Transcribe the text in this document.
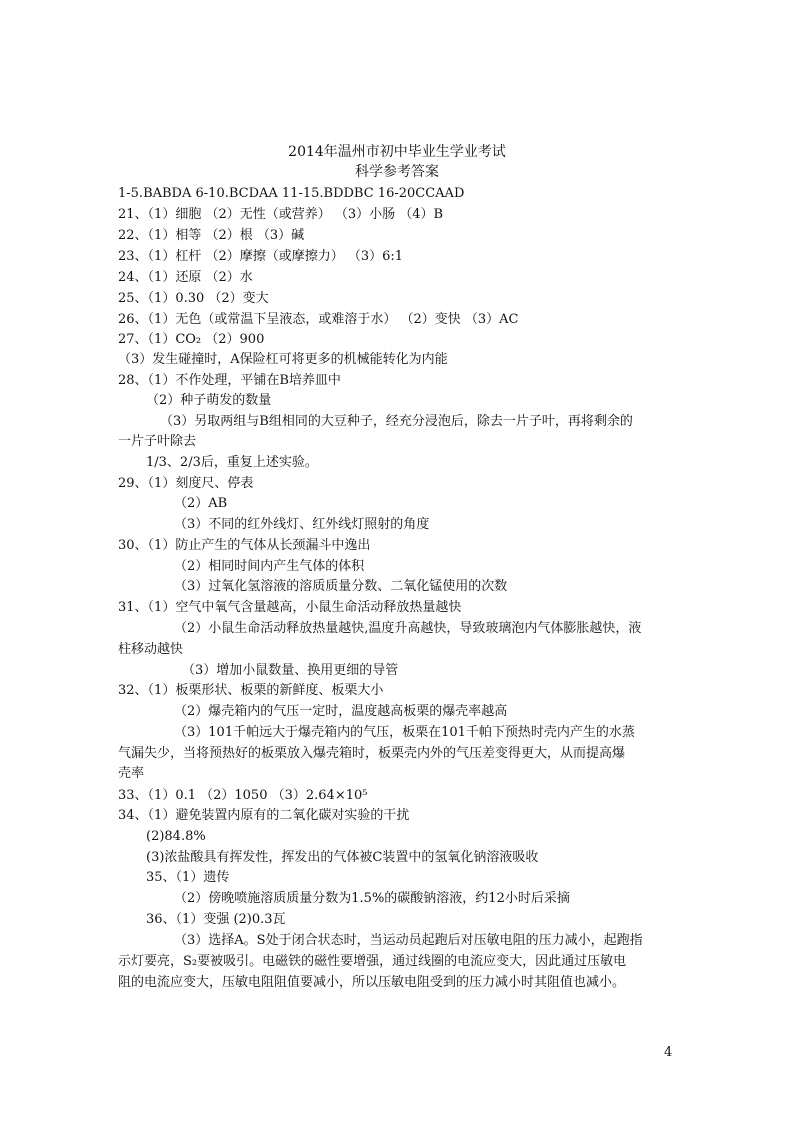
2014年温州市初中毕业生学业考试
科学参考答案
1-5.BABDA 6-10.BCDAA 11-15.BDDBC 16-20CCAAD
21、（1）细胞 （2）无性（或营养） （3）小肠 （4）B
22、（1）相等 （2）根 （3）碱
23、（1）杠杆 （2）摩擦（或摩擦力） （3）6:1
24、（1）还原 （2）水
25、（1）0.30 （2）变大
26、（1）无色（或常温下呈液态，或难溶于水） （2）变快 （3）AC
27、（1）CO₂ （2）900
（3）发生碰撞时，A保险杠可将更多的机械能转化为内能
28、（1）不作处理，平铺在B培养皿中
（2）种子萌发的数量
（3）另取两组与B组相同的大豆种子，经充分浸泡后，除去一片子叶，再将剩余的
一片子叶除去
1/3、2/3后，重复上述实验。
29、（1）刻度尺、停表
（2）AB
（3）不同的红外线灯、红外线灯照射的角度
30、（1）防止产生的气体从长颈漏斗中逸出
（2）相同时间内产生气体的体积
（3）过氧化氢溶液的溶质质量分数、二氧化锰使用的次数
31、（1）空气中氧气含量越高，小鼠生命活动释放热量越快
（2）小鼠生命活动释放热量越快,温度升高越快，导致玻璃泡内气体膨胀越快，液
柱移动越快
（3）增加小鼠数量、换用更细的导管
32、（1）板栗形状、板栗的新鲜度、板栗大小
（2）爆壳箱内的气压一定时，温度越高板栗的爆壳率越高
（3）101千帕远大于爆壳箱内的气压，板栗在101千帕下预热时壳内产生的水蒸
气漏失少，当将预热好的板栗放入爆壳箱时，板栗壳内外的气压差变得更大，从而提高爆
壳率
33、（1）0.1 （2）1050 （3）2.64×10⁵
34、（1）避免装置内原有的二氧化碳对实验的干扰
(2)84.8%
(3)浓盐酸具有挥发性，挥发出的气体被C装置中的氢氧化钠溶液吸收
35、（1）遗传
（2）傍晚喷施溶质质量分数为1.5%的碳酸钠溶液，约12小时后采摘
36、（1）变强 (2)0.3瓦
（3）选择A。S处于闭合状态时，当运动员起跑后对压敏电阻的压力减小，起跑指
示灯要亮，S₂要被吸引。电磁铁的磁性要增强，通过线圈的电流应变大，因此通过压敏电
阻的电流应变大，压敏电阻阻值要减小，所以压敏电阻受到的压力减小时其阻值也减小。
4
